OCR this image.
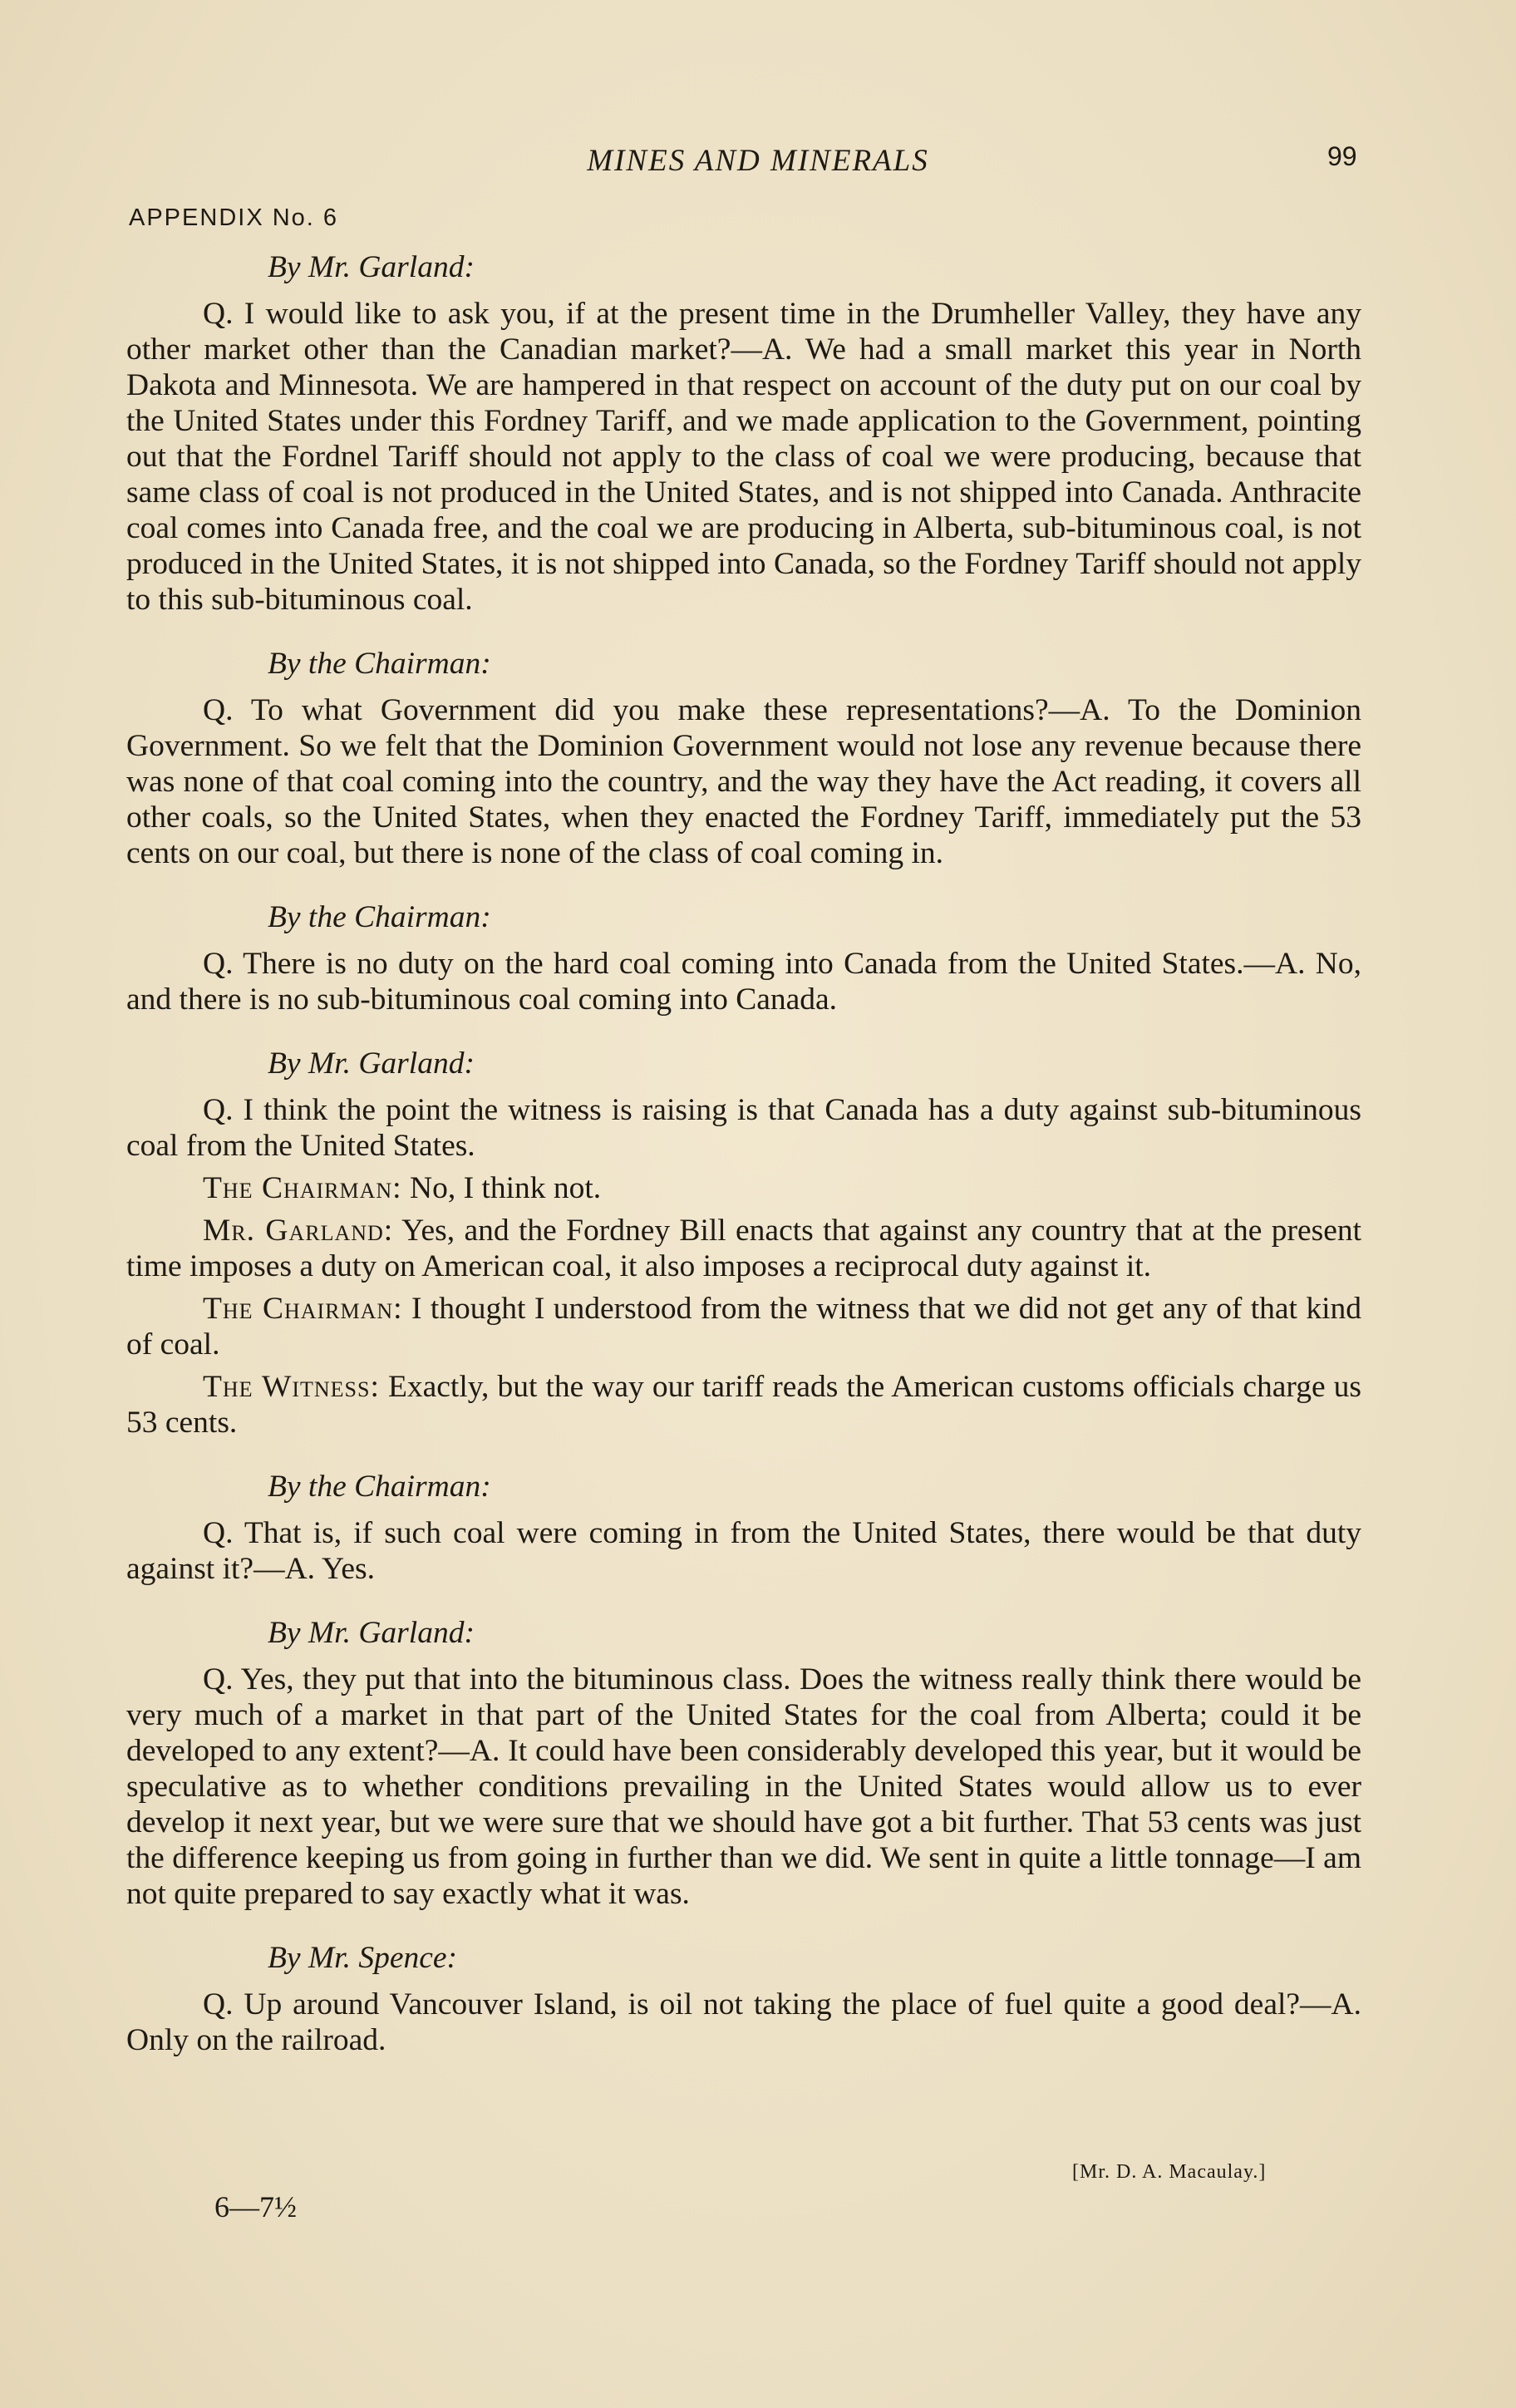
MINES AND MINERALS	99
APPENDIX No. 6
By Mr. Garland:

Q. I would like to ask you, if at the present time in the Drumheller Valley, they have any other market other than the Canadian market?—A. We had a small market this year in North Dakota and Minnesota. We are hampered in that respect on account of the duty put on our coal by the United States under this Fordney Tariff, and we made application to the Government, pointing out that the Fordnel Tariff should not apply to the class of coal we were producing, because that same class of coal is not produced in the United States, and is not shipped into Canada. Anthracite coal comes into Canada free, and the coal we are producing in Alberta, sub-bituminous coal, is not produced in the United States, it is not shipped into Canada, so the Fordney Tariff should not apply to this sub-bituminous coal.

By the Chairman:

Q. To what Government did you make these representations?—A. To the Dominion Government. So we felt that the Dominion Government would not lose any revenue because there was none of that coal coming into the country, and the way they have the Act reading, it covers all other coals, so the United States, when they enacted the Fordney Tariff, immediately put the 53 cents on our coal, but there is none of the class of coal coming in.

By the Chairman:

Q. There is no duty on the hard coal coming into Canada from the United States.—A. No, and there is no sub-bituminous coal coming into Canada.

By Mr. Garland:

Q. I think the point the witness is raising is that Canada has a duty against sub-bituminous coal from the United States.

The Chairman: No, I think not.

Mr. Garland: Yes, and the Fordney Bill enacts that against any country that at the present time imposes a duty on American coal, it also imposes a reciprocal duty against it.

The Chairman: I thought I understood from the witness that we did not get any of that kind of coal.

The Witness: Exactly, but the way our tariff reads the American customs officials charge us 53 cents.

By the Chairman:

Q. That is, if such coal were coming in from the United States, there would be that duty against it?—A. Yes.

By Mr. Garland:

Q. Yes, they put that into the bituminous class. Does the witness really think there would be very much of a market in that part of the United States for the coal from Alberta; could it be developed to any extent?—A. It could have been considerably developed this year, but it would be speculative as to whether conditions prevailing in the United States would allow us to ever develop it next year, but we were sure that we should have got a bit further. That 53 cents was just the difference keeping us from going in further than we did. We sent in quite a little tonnage—I am not quite prepared to say exactly what it was.

By Mr. Spence:

Q. Up around Vancouver Island, is oil not taking the place of fuel quite a good deal?—A. Only on the railroad.

[Mr. D. A. Macaulay.]
6—7½
